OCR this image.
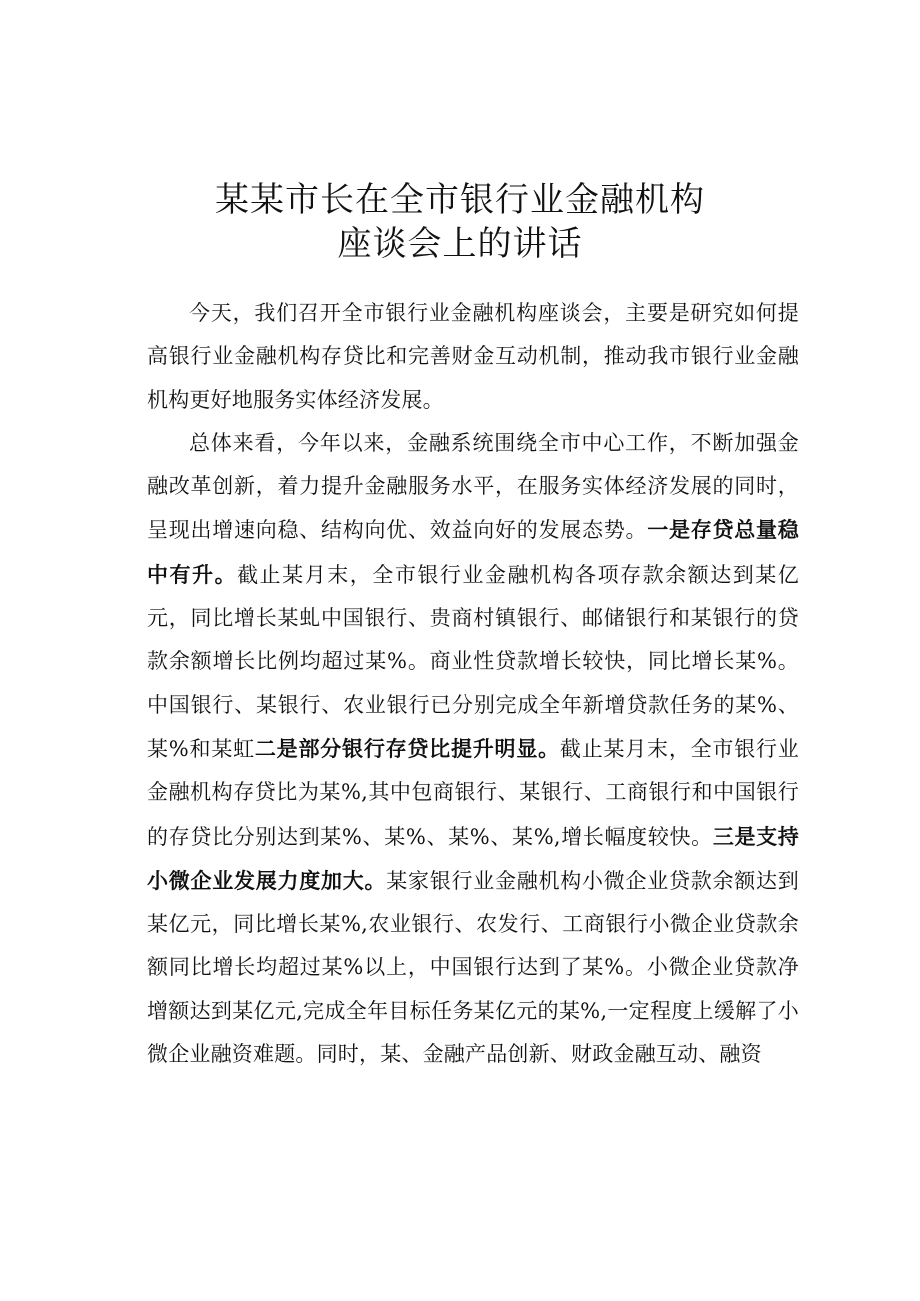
某某市长在全市银行业金融机构
座谈会上的讲话

今天，我们召开全市银行业金融机构座谈会，主要是研究如何提高银行业金融机构存贷比和完善财金互动机制，推动我市银行业金融机构更好地服务实体经济发展。

总体来看，今年以来，金融系统围绕全市中心工作，不断加强金融改革创新，着力提升金融服务水平，在服务实体经济发展的同时，呈现出增速向稳、结构向优、效益向好的发展态势。一是存贷总量稳中有升。截止某月末，全市银行业金融机构各项存款余额达到某亿元，同比增长某虬中国银行、贵商村镇银行、邮储银行和某银行的贷款余额增长比例均超过某%。商业性贷款增长较快，同比增长某%。中国银行、某银行、农业银行已分别完成全年新增贷款任务的某%、某%和某虹二是部分银行存贷比提升明显。截止某月末，全市银行业金融机构存贷比为某%,其中包商银行、某银行、工商银行和中国银行的存贷比分别达到某%、某%、某%、某%,增长幅度较快。三是支持小微企业发展力度加大。某家银行业金融机构小微企业贷款余额达到某亿元，同比增长某%,农业银行、农发行、工商银行小微企业贷款余额同比增长均超过某%以上，中国银行达到了某%。小微企业贷款净增额达到某亿元,完成全年目标任务某亿元的某%,一定程度上缓解了小微企业融资难题。同时，某、金融产品创新、财政金融互动、融资
